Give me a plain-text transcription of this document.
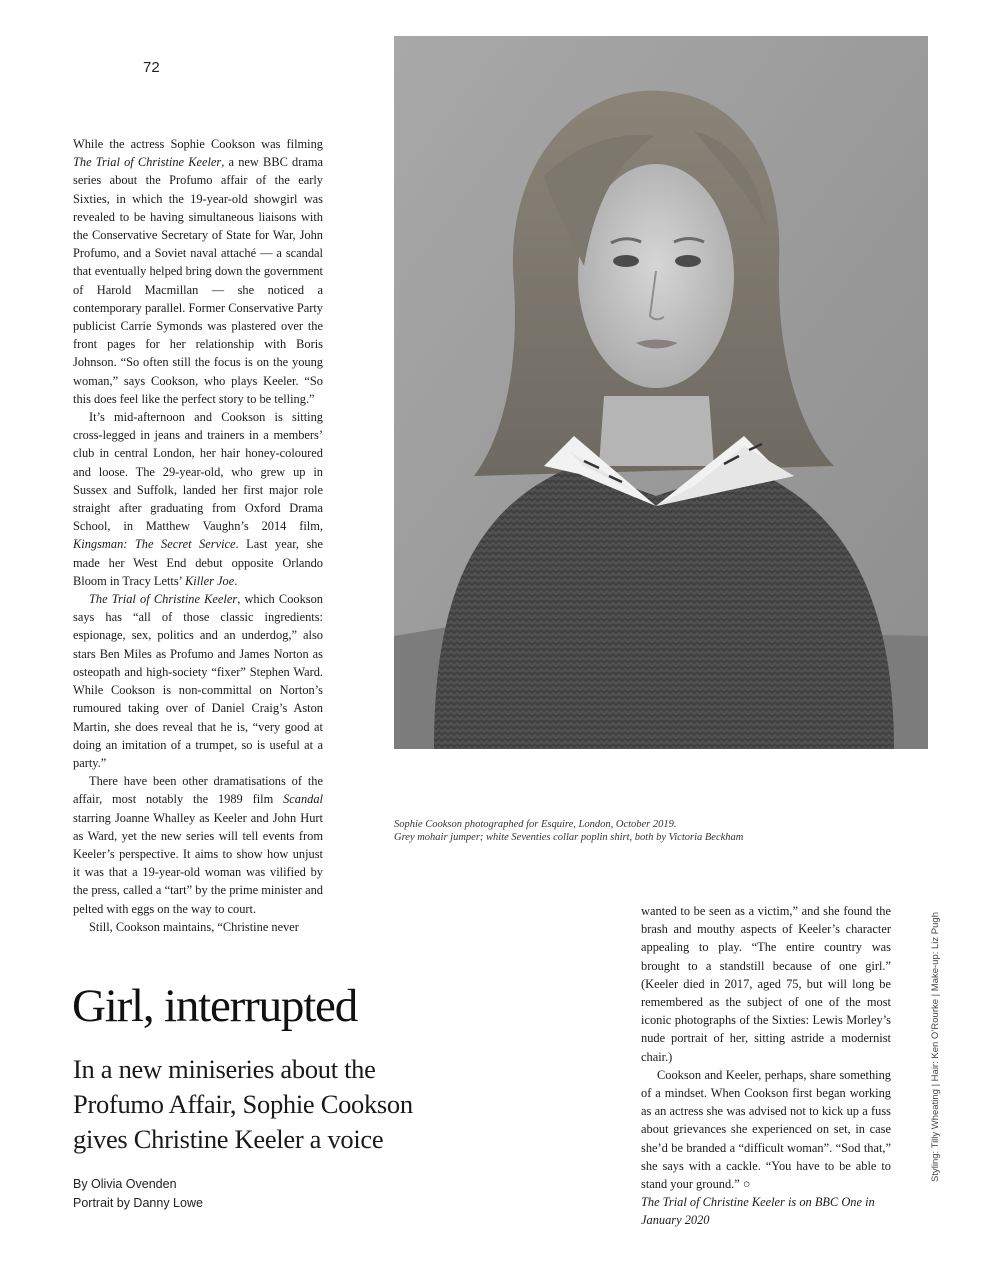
72
Sophie Cookson photographed for Esquire, London, October 2019.
Grey mohair jumper; white Seventies collar poplin shirt, both by Victoria Beckham

While the actress Sophie Cookson was filming The Trial of Christine Keeler, a new BBC drama series about the Profumo affair of the early Sixties, in which the 19-year-old showgirl was revealed to be having simultaneous liaisons with the Conservative Secretary of State for War, John Profumo, and a Soviet naval attaché — a scandal that eventually helped bring down the government of Harold Macmillan — she noticed a contemporary parallel. Former Conservative Party publicist Carrie Symonds was plastered over the front pages for her relationship with Boris Johnson. “So often still the focus is on the young woman,” says Cookson, who plays Keeler. “So this does feel like the perfect story to be telling.”

It’s mid-afternoon and Cookson is sitting cross-legged in jeans and trainers in a members’ club in central London, her hair honey-coloured and loose. The 29-year-old, who grew up in Sussex and Suffolk, landed her first major role straight after graduating from Oxford Drama School, in Matthew Vaughn’s 2014 film, Kingsman: The Secret Service. Last year, she made her West End debut opposite Orlando Bloom in Tracy Letts’ Killer Joe.

The Trial of Christine Keeler, which Cookson says has “all of those classic ingredients: espionage, sex, politics and an underdog,” also stars Ben Miles as Profumo and James Norton as osteopath and high-society “fixer” Stephen Ward. While Cookson is non-committal on Norton’s rumoured taking over of Daniel Craig’s Aston Martin, she does reveal that he is, “very good at doing an imitation of a trumpet, so is useful at a party.”

There have been other dramatisations of the affair, most notably the 1989 film Scandal starring Joanne Whalley as Keeler and John Hurt as Ward, yet the new series will tell events from Keeler’s perspective. It aims to show how unjust it was that a 19-year-old woman was vilified by the press, called a “tart” by the prime minister and pelted with eggs on the way to court.

Still, Cookson maintains, “Christine never

wanted to be seen as a victim,” and she found the brash and mouthy aspects of Keeler’s character appealing to play. “The entire country was brought to a standstill because of one girl.” (Keeler died in 2017, aged 75, but will long be remembered as the subject of one of the most iconic photographs of the Sixties: Lewis Morley’s nude portrait of her, sitting astride a modernist chair.)

Cookson and Keeler, perhaps, share something of a mindset. When Cookson first began working as an actress she was advised not to kick up a fuss about grievances she experienced on set, in case she’d be branded a “difficult woman”. “Sod that,” she says with a cackle. “You have to be able to stand your ground.” ○

The Trial of Christine Keeler is on BBC One in January 2020

Girl, interrupted
In a new miniseries about the
Profumo Affair, Sophie Cookson
gives Christine Keeler a voice
By Olivia Ovenden
Portrait by Danny Lowe
Styling: Tilly Wheating | Hair: Ken O’Rourke | Make-up: Liz Pugh
